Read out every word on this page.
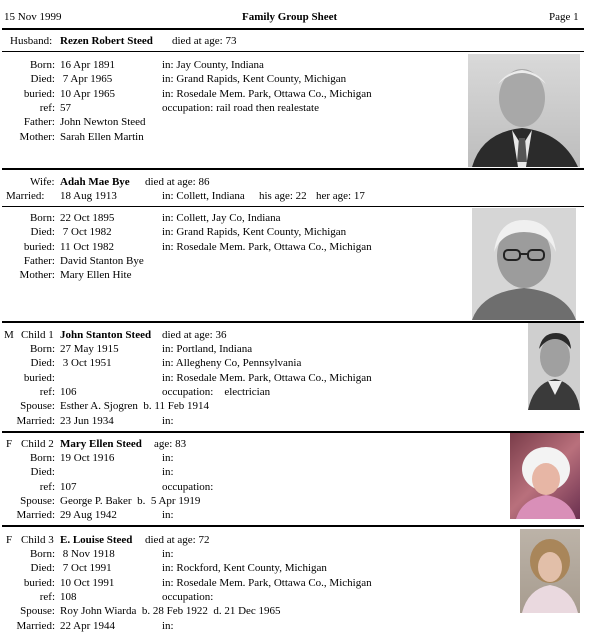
15 Nov 1999	Family Group Sheet	Page 1
Husband: Rezen Robert Steed died at age: 73
Born: 16 Apr 1891	in: Jay County, Indiana
Died: 7 Apr 1965	in: Grand Rapids, Kent County, Michigan
buried: 10 Apr 1965	in: Rosedale Mem. Park, Ottawa Co., Michigan
ref: 57	occupation: rail road then realestate
Father: John Newton Steed
Mother: Sarah Ellen Martin
Wife: Adah Mae Bye died at age: 86
Married: 18 Aug 1913	in: Collett, Indiana his age: 22 her age: 17
Born: 22 Oct 1895	in: Collett, Jay Co, Indiana
Died: 7 Oct 1982	in: Grand Rapids, Kent County, Michigan
buried: 11 Oct 1982	in: Rosedale Mem. Park, Ottawa Co., Michigan
Father: David Stanton Bye
Mother: Mary Ellen Hite
M Child 1 John Stanton Steed died at age: 36
Born: 27 May 1915	in: Portland, Indiana
Died: 3 Oct 1951	in: Allegheny Co, Pennsylvania
buried:	in: Rosedale Mem. Park, Ottawa Co., Michigan
ref: 106	occupation:    electrician
Spouse: Esther A. Sjogren  b. 11 Feb 1914
Married: 23 Jun 1934	in:
F Child 2 Mary Ellen Steed age: 83
Born: 19 Oct 1916	in:
Died:	in:
ref: 107	occupation:
Spouse: George P. Baker  b.  5 Apr 1919
Married: 29 Aug 1942	in:
F Child 3 E. Louise Steed died at age: 72
Born: 8 Nov 1918	in:
Died: 7 Oct 1991	in: Rockford, Kent County, Michigan
buried: 10 Oct 1991	in: Rosedale Mem. Park, Ottawa Co., Michigan
ref: 108	occupation:
Spouse: Roy John Wiarda  b. 28 Feb 1922  d. 21 Dec 1965
Married: 22 Apr 1944	in:
